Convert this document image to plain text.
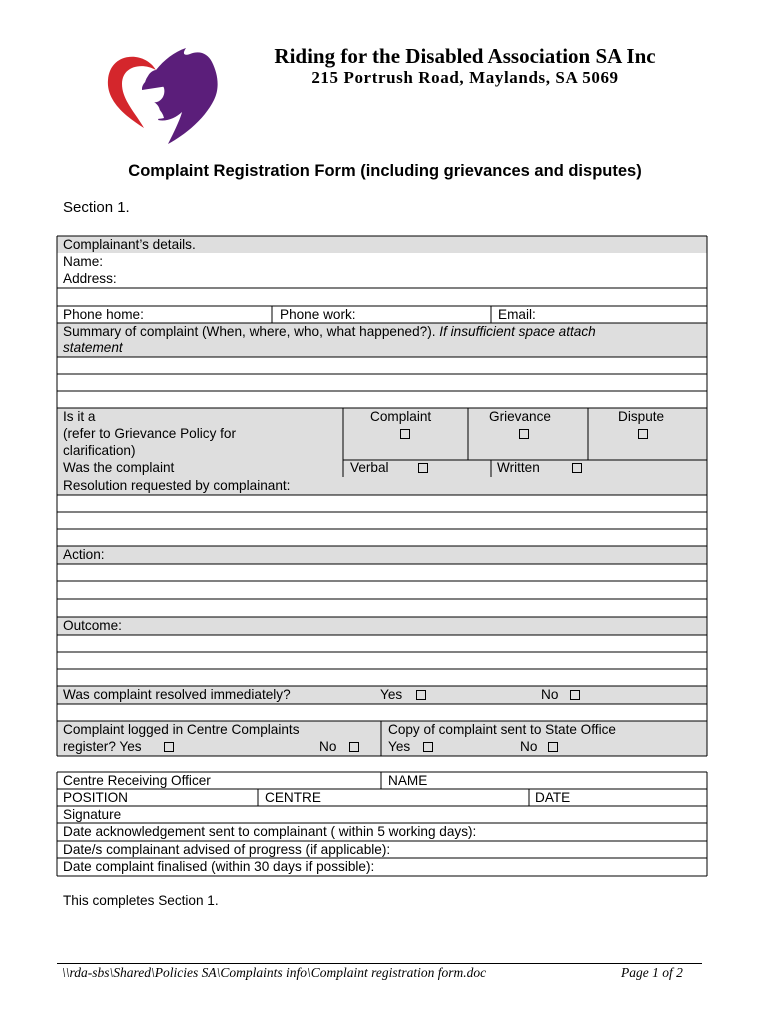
Riding for the Disabled Association SA Inc
215 Portrush Road, Maylands, SA 5069
Complaint Registration Form (including grievances and disputes)
Section 1.
Complainant’s details.
Name:
Address:
Phone home:	Phone work:	Email:
Summary of complaint (When, where, who, what happened?). If insufficient space attach
statement
Is it a
(refer to Grievance Policy for
clarification)
Complaint	Grievance	Dispute
Was the complaint	Verbal	Written
Resolution requested by complainant:
Action:
Outcome:
Was complaint resolved immediately?	Yes	No
Complaint logged in Centre Complaints
register? Yes	No
Copy of complaint sent to State Office
Yes	No
Centre Receiving Officer	NAME
POSITION	CENTRE	DATE
Signature
Date acknowledgement sent to complainant ( within 5 working days):
Date/s complainant advised of progress (if applicable):
Date complaint finalised (within 30 days if possible):
This completes Section 1.
\\rda-sbs\Shared\Policies SA\Complaints info\Complaint registration form.doc	Page 1 of 2
